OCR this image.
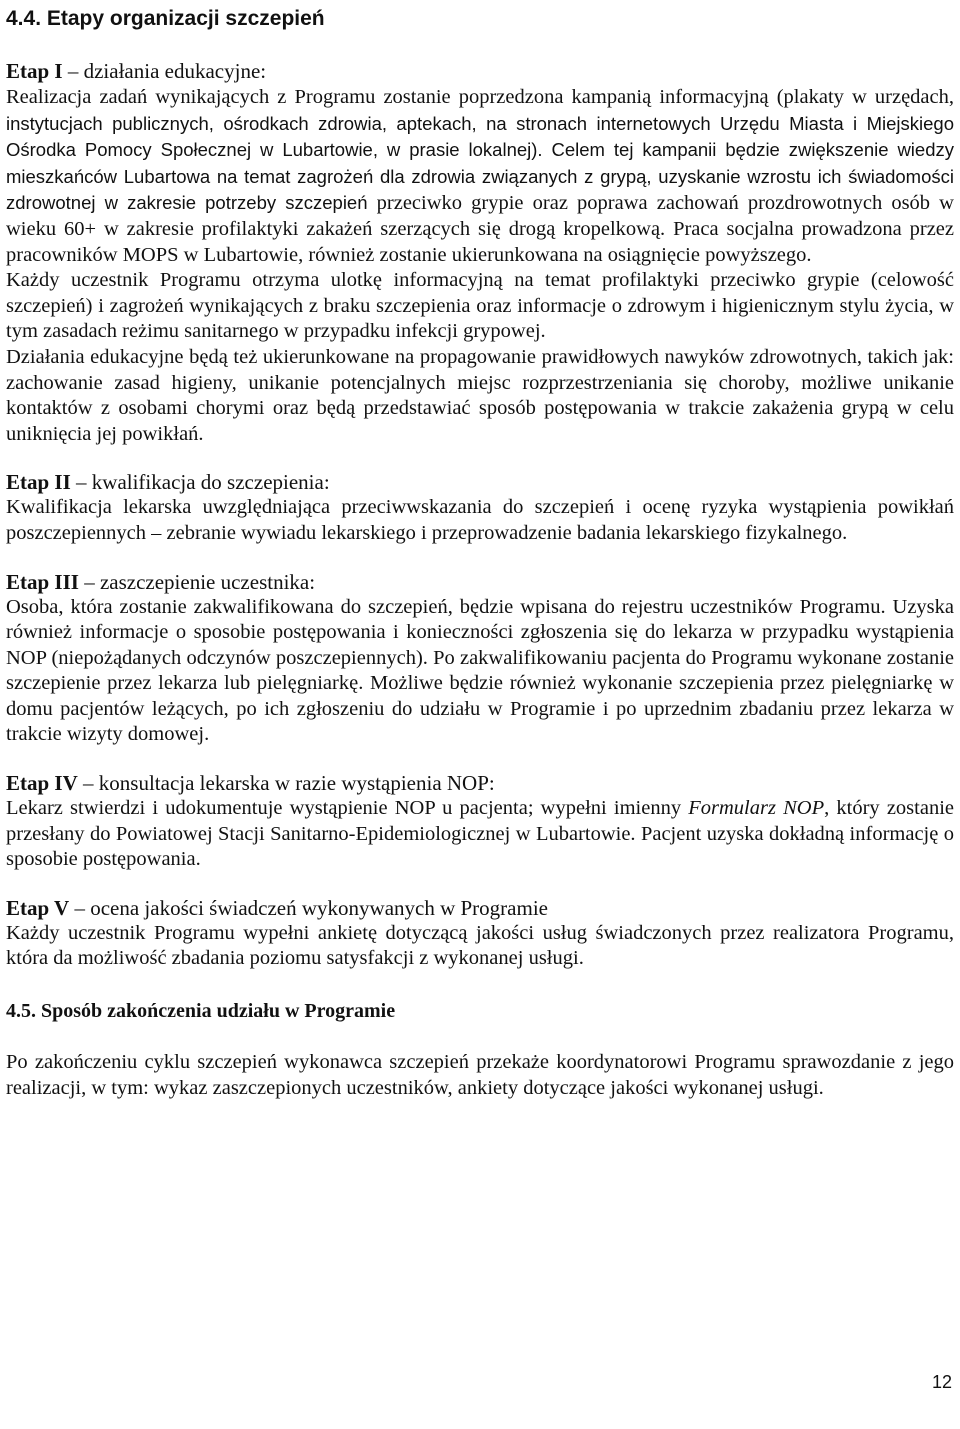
4.4. Etapy organizacji szczepień
Etap I – działania edukacyjne:

Realizacja zadań wynikających z Programu zostanie poprzedzona kampanią informacyjną (plakaty w urzędach, instytucjach publicznych, ośrodkach zdrowia, aptekach, na stronach internetowych Urzędu Miasta i Miejskiego Ośrodka Pomocy Społecznej w Lubartowie, w prasie lokalnej). Celem tej kampanii będzie zwiększenie wiedzy mieszkańców Lubartowa na temat zagrożeń dla zdrowia związanych z grypą, uzyskanie wzrostu ich świadomości zdrowotnej w zakresie potrzeby szczepień przeciwko grypie oraz poprawa zachowań prozdrowotnych osób w wieku 60+ w zakresie profilaktyki zakażeń szerzących się drogą kropelkową. Praca socjalna prowadzona przez pracowników MOPS w Lubartowie, również zostanie ukierunkowana na osiągnięcie powyższego.

Każdy uczestnik Programu otrzyma ulotkę informacyjną na temat profilaktyki przeciwko grypie (celowość szczepień) i zagrożeń wynikających z braku szczepienia oraz informacje o zdrowym i higienicznym stylu życia, w tym zasadach reżimu sanitarnego w przypadku infekcji grypowej.

Działania edukacyjne będą też ukierunkowane na propagowanie prawidłowych nawyków zdrowotnych, takich jak: zachowanie zasad higieny, unikanie potencjalnych miejsc rozprzestrzeniania się choroby, możliwe unikanie kontaktów z osobami chorymi oraz będą przedstawiać sposób postępowania w trakcie zakażenia grypą w celu uniknięcia jej powikłań.

Etap II – kwalifikacja do szczepienia:

Kwalifikacja lekarska uwzględniająca przeciwwskazania do szczepień i ocenę ryzyka wystąpienia powikłań poszczepiennych – zebranie wywiadu lekarskiego i przeprowadzenie badania lekarskiego fizykalnego.

Etap III – zaszczepienie uczestnika:

Osoba, która zostanie zakwalifikowana do szczepień, będzie wpisana do rejestru uczestników Programu. Uzyska również informacje o sposobie postępowania i konieczności zgłoszenia się do lekarza w przypadku wystąpienia NOP (niepożądanych odczynów poszczepiennych). Po zakwalifikowaniu pacjenta do Programu wykonane zostanie szczepienie przez lekarza lub pielęgniarkę. Możliwe będzie również wykonanie szczepienia przez pielęgniarkę w domu pacjentów leżących, po ich zgłoszeniu do udziału w Programie i po uprzednim zbadaniu przez lekarza w trakcie wizyty domowej.

Etap IV – konsultacja lekarska w razie wystąpienia NOP:

Lekarz stwierdzi i udokumentuje wystąpienie NOP u pacjenta; wypełni imienny Formularz NOP, który zostanie przesłany do Powiatowej Stacji Sanitarno-Epidemiologicznej w Lubartowie. Pacjent uzyska dokładną informację o sposobie postępowania.

Etap V – ocena jakości świadczeń wykonywanych w Programie

Każdy uczestnik Programu wypełni ankietę dotyczącą jakości usług świadczonych przez realizatora Programu, która da możliwość zbadania poziomu satysfakcji z wykonanej usługi.

4.5. Sposób zakończenia udziału w Programie

Po zakończeniu cyklu szczepień wykonawca szczepień przekaże koordynatorowi Programu sprawozdanie z jego realizacji, w tym: wykaz zaszczepionych uczestników, ankiety dotyczące jakości wykonanej usługi.

12
